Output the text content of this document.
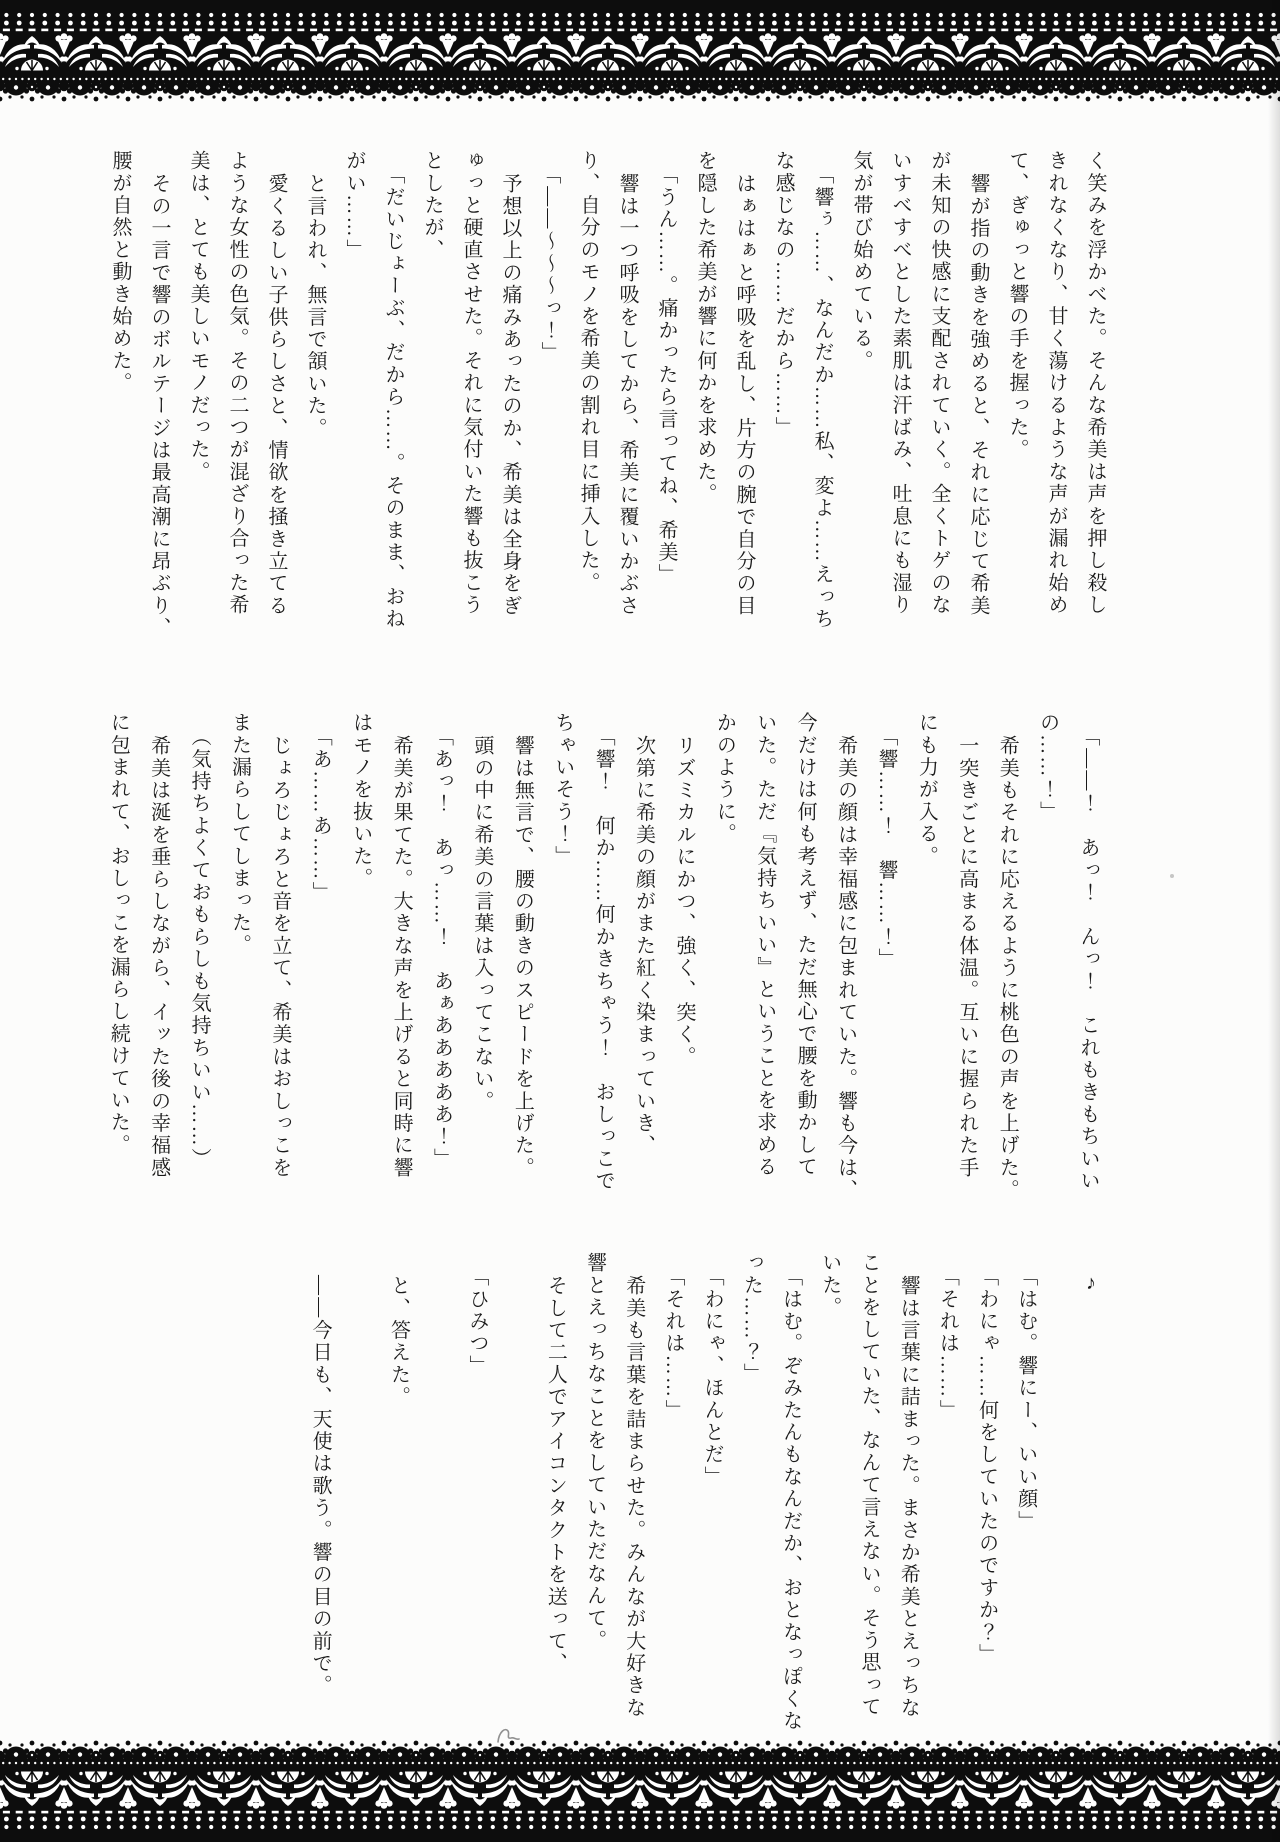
く笑みを浮かべた。そんな希美は声を押し殺し
きれなくなり、甘く蕩けるような声が漏れ始め
て、ぎゅっと響の手を握った。
響が指の動きを強めると、それに応じて希美
が未知の快感に支配されていく。全くトゲのな
いすべすべとした素肌は汗ばみ、吐息にも湿り
気が帯び始めている。
「響ぅ……、なんだか……私、変よ……えっち
な感じなの……だから……」
はぁはぁと呼吸を乱し、片方の腕で自分の目
を隠した希美が響に何かを求めた。
「うん……。痛かったら言ってね、希美」
響は一つ呼吸をしてから、希美に覆いかぶさ
り、自分のモノを希美の割れ目に挿入した。
「――〜〜〜っ！」
予想以上の痛みあったのか、希美は全身をぎ
ゅっと硬直させた。それに気付いた響も抜こう
としたが、
「だいじょーぶ、だから……。そのまま、おね
がい……」
と言われ、無言で頷いた。
愛くるしい子供らしさと、情欲を掻き立てる
ような女性の色気。その二つが混ざり合った希
美は、とても美しいモノだった。
その一言で響のボルテージは最高潮に昂ぶり、
腰が自然と動き始めた。
「――！　あっ！　んっ！　これもきもちいい
の……！」
希美もそれに応えるように桃色の声を上げた。
一突きごとに高まる体温。互いに握られた手
にも力が入る。
「響……！　響……！」
希美の顔は幸福感に包まれていた。響も今は、
今だけは何も考えず、ただ無心で腰を動かして
いた。ただ『気持ちいい』ということを求める
かのように。
リズミカルにかつ、強く、突く。
次第に希美の顔がまた紅く染まっていき、
「響！　何か……何かきちゃう！　おしっこで
ちゃいそう！」
響は無言で、腰の動きのスピードを上げた。
頭の中に希美の言葉は入ってこない。
「あっ！　あっ……！　あぁあああああ！」
希美が果てた。大きな声を上げると同時に響
はモノを抜いた。
「あ……あ……」
じょろじょろと音を立て、希美はおしっこを
また漏らしてしまった。
（気持ちよくておもらしも気持ちいい……）
希美は涎を垂らしながら、イッた後の幸福感
に包まれて、おしっこを漏らし続けていた。
♪
「はむ。響にー、いい顔」
「わにゃ……何をしていたのですか？」
「それは……」
響は言葉に詰まった。まさか希美とえっちな
ことをしていた、なんて言えない。そう思って
いた。
「はむ。ぞみたんもなんだか、おとなっぽくな
った……？」
「わにゃ、ほんとだ」
「それは……」
希美も言葉を詰まらせた。みんなが大好きな
響とえっちなことをしていただなんて。
そして二人でアイコンタクトを送って、

「ひみつ」

と、答えた。

――今日も、天使は歌う。響の目の前で。
